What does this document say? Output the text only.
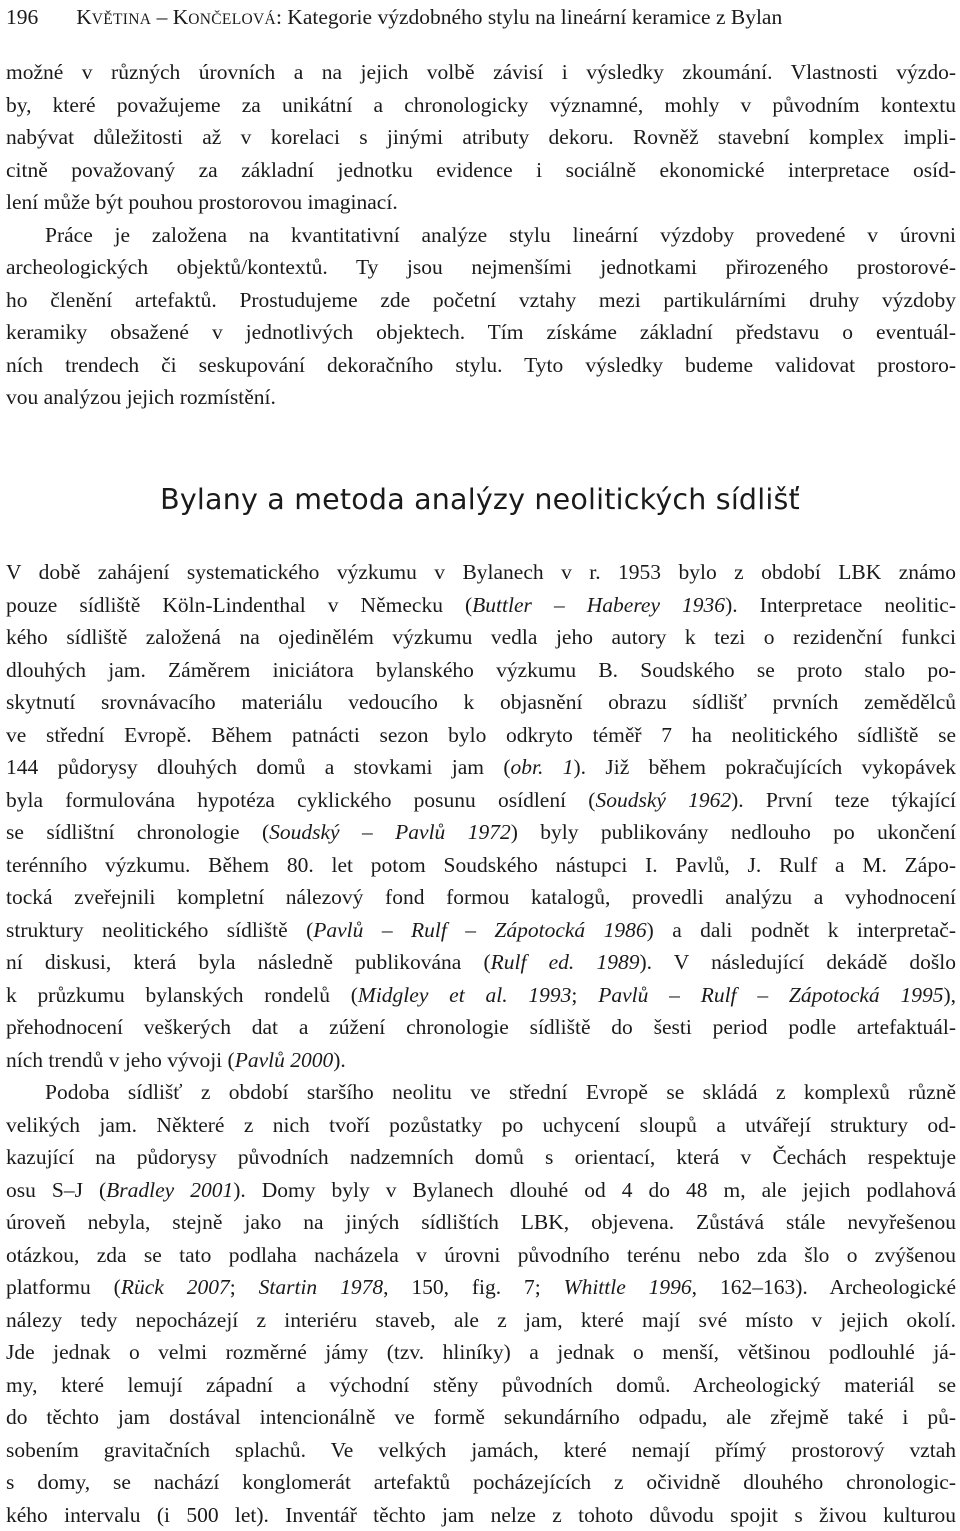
196 KVĚTINA – KONČELOVÁ: Kategorie výzdobného stylu na lineární keramice z Bylan
možné v různých úrovních a na jejich volbě závisí i výsledky zkoumání. Vlastnosti výzdo-
by, které považujeme za unikátní a chronologicky významné, mohly v původním kontextu
nabývat důležitosti až v korelaci s jinými atributy dekoru. Rovněž stavební komplex impli-
citně považovaný za základní jednotku evidence i sociálně ekonomické interpretace osíd-
lení může být pouhou prostorovou imaginací.
Práce je založena na kvantitativní analýze stylu lineární výzdoby provedené v úrovni
archeologických objektů/kontextů. Ty jsou nejmenšími jednotkami přirozeného prostorové-
ho členění artefaktů. Prostudujeme zde početní vztahy mezi partikulárními druhy výzdoby
keramiky obsažené v jednotlivých objektech. Tím získáme základní představu o eventuál-
ních trendech či seskupování dekoračního stylu. Tyto výsledky budeme validovat prostoro-
vou analýzou jejich rozmístění.
Bylany a metoda analýzy neolitických sídlišť
V době zahájení systematického výzkumu v Bylanech v r. 1953 bylo z období LBK známo
pouze sídliště Köln-Lindenthal v Německu (Buttler – Haberey 1936). Interpretace neolitic-
kého sídliště založená na ojedinělém výzkumu vedla jeho autory k tezi o rezidenční funkci
dlouhých jam. Záměrem iniciátora bylanského výzkumu B. Soudského se proto stalo po-
skytnutí srovnávacího materiálu vedoucího k objasnění obrazu sídlišť prvních zemědělců
ve střední Evropě. Během patnácti sezon bylo odkryto téměř 7 ha neolitického sídliště se
144 půdorysy dlouhých domů a stovkami jam (obr. 1). Již během pokračujících vykopávek
byla formulována hypotéza cyklického posunu osídlení (Soudský 1962). První teze týkající
se sídlištní chronologie (Soudský – Pavlů 1972) byly publikovány nedlouho po ukončení
terénního výzkumu. Během 80. let potom Soudského nástupci I. Pavlů, J. Rulf a M. Zápo-
tocká zveřejnili kompletní nálezový fond formou katalogů, provedli analýzu a vyhodnocení
struktury neolitického sídliště (Pavlů – Rulf – Zápotocká 1986) a dali podnět k interpretač-
ní diskusi, která byla následně publikována (Rulf ed. 1989). V následující dekádě došlo
k průzkumu bylanských rondelů (Midgley et al. 1993; Pavlů – Rulf – Zápotocká 1995),
přehodnocení veškerých dat a zúžení chronologie sídliště do šesti period podle artefaktuál-
ních trendů v jeho vývoji (Pavlů 2000).
Podoba sídlišť z období staršího neolitu ve střední Evropě se skládá z komplexů různě
velikých jam. Některé z nich tvoří pozůstatky po uchycení sloupů a utvářejí struktury od-
kazující na půdorysy původních nadzemních domů s orientací, která v Čechách respektuje
osu S–J (Bradley 2001). Domy byly v Bylanech dlouhé od 4 do 48 m, ale jejich podlahová
úroveň nebyla, stejně jako na jiných sídlištích LBK, objevena. Zůstává stále nevyřešenou
otázkou, zda se tato podlaha nacházela v úrovni původního terénu nebo zda šlo o zvýšenou
platformu (Rück 2007; Startin 1978, 150, fig. 7; Whittle 1996, 162–163). Archeologické
nálezy tedy nepocházejí z interiéru staveb, ale z jam, které mají své místo v jejich okolí.
Jde jednak o velmi rozměrné jámy (tzv. hliníky) a jednak o menší, většinou podlouhlé já-
my, které lemují západní a východní stěny původních domů. Archeologický materiál se
do těchto jam dostával intencionálně ve formě sekundárního odpadu, ale zřejmě také i pů-
sobením gravitačních splachů. Ve velkých jamách, které nemají přímý prostorový vztah
s domy, se nachází konglomerát artefaktů pocházejících z očividně dlouhého chronologic-
kého intervalu (i 500 let). Inventář těchto jam nelze z tohoto důvodu spojit s živou kulturou
